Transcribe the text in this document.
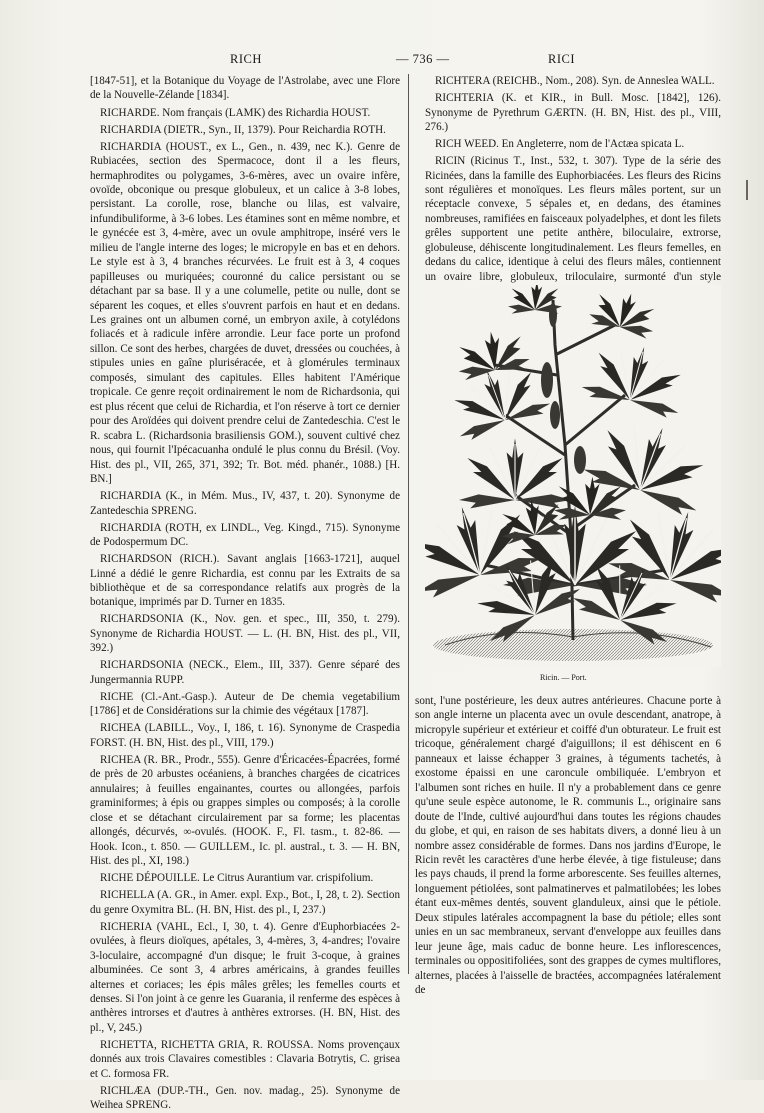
RICH	— 736 —	RICI

[1847-51], et la Botanique du Voyage de l'Astrolabe, avec une Flore de la Nouvelle-Zélande [1834].

RICHARDE. Nom français (LAMK) des Richardia HOUST.

RICHARDIA (DIETR., Syn., II, 1379). Pour Reichardia ROTH.

RICHARDIA (HOUST., ex L., Gen., n. 439, nec K.). Genre de Rubiacées, section des Spermacoce, dont il a les fleurs, hermaphrodites ou polygames, 3-6-mères, avec un ovaire infère, ovoïde, obconique ou presque globuleux, et un calice à 3-8 lobes, persistant. La corolle, rose, blanche ou lilas, est valvaire, infundibuliforme, à 3-6 lobes. Les étamines sont en même nombre, et le gynécée est 3, 4-mère, avec un ovule amphitrope, inséré vers le milieu de l'angle interne des loges; le micropyle en bas et en dehors. Le style est à 3, 4 branches récurvées. Le fruit est à 3, 4 coques papilleuses ou muriquées; couronné du calice persistant ou se détachant par sa base. Il y a une columelle, petite ou nulle, dont se séparent les coques, et elles s'ouvrent parfois en haut et en dedans. Les graines ont un albumen corné, un embryon axile, à cotylédons foliacés et à radicule infère arrondie. Leur face porte un profond sillon. Ce sont des herbes, chargées de duvet, dressées ou couchées, à stipules unies en gaîne pluriséracée, et à glomérules terminaux composés, simulant des capitules. Elles habitent l'Amérique tropicale. Ce genre reçoit ordinairement le nom de Richardsonia, qui est plus récent que celui de Richardia, et l'on réserve à tort ce dernier pour des Aroïdées qui doivent prendre celui de Zantedeschia. C'est le R. scabra L. (Richardsonia brasiliensis GOM.), souvent cultivé chez nous, qui fournit l'Ipécacuanha ondulé le plus connu du Brésil. (Voy. Hist. des pl., VII, 265, 371, 392; Tr. Bot. méd. phanér., 1088.) [H. BN.]

RICHARDIA (K., in Mém. Mus., IV, 437, t. 20). Synonyme de Zantedeschia SPRENG.

RICHARDIA (ROTH, ex LINDL., Veg. Kingd., 715). Synonyme de Podospermum DC.

RICHARDSON (RICH.). Savant anglais [1663-1721], auquel Linné a dédié le genre Richardia, est connu par les Extraits de sa bibliothèque et de sa correspondance relatifs aux progrès de la botanique, imprimés par D. Turner en 1835.

RICHARDSONIA (K., Nov. gen. et spec., III, 350, t. 279). Synonyme de Richardia HOUST. — L. (H. BN, Hist. des pl., VII, 392.)

RICHARDSONIA (NECK., Elem., III, 337). Genre séparé des Jungermannia RUPP.

RICHE (Cl.-Ant.-Gasp.). Auteur de De chemia vegetabilium [1786] et de Considérations sur la chimie des végétaux [1787].

RICHEA (LABILL., Voy., I, 186, t. 16). Synonyme de Craspedia FORST. (H. BN, Hist. des pl., VIII, 179.)

RICHEA (R. BR., Prodr., 555). Genre d'Éricacées-Épacrées, formé de près de 20 arbustes océaniens, à branches chargées de cicatrices annulaires; à feuilles engainantes, courtes ou allongées, parfois graminiformes; à épis ou grappes simples ou composés; à la corolle close et se détachant circulairement par sa forme; les placentas allongés, décurvés, ∞-ovulés. (HOOK. F., Fl. tasm., t. 82-86. — Hook. Icon., t. 850. — GUILLEM., Ic. pl. austral., t. 3. — H. BN, Hist. des pl., XI, 198.)

RICHE DÉPOUILLE. Le Citrus Aurantium var. crispifolium.

RICHELLA (A. GR., in Amer. expl. Exp., Bot., I, 28, t. 2). Section du genre Oxymitra BL. (H. BN, Hist. des pl., I, 237.)

RICHERIA (VAHL, Ecl., I, 30, t. 4). Genre d'Euphorbiacées 2-ovulées, à fleurs dioïques, apétales, 3, 4-mères, 3, 4-andres; l'ovaire 3-loculaire, accompagné d'un disque; le fruit 3-coque, à graines albuminées. Ce sont 3, 4 arbres américains, à grandes feuilles alternes et coriaces; les épis mâles grêles; les femelles courts et denses. Si l'on joint à ce genre les Guarania, il renferme des espèces à anthères introrses et d'autres à anthères extrorses. (H. BN, Hist. des pl., V, 245.)

RICHETTA, RICHETTA GRIA, R. ROUSSA. Noms provençaux donnés aux trois Clavaires comestibles : Clavaria Botrytis, C. grisea et C. formosa FR.

RICHLÆA (DUP.-TH., Gen. nov. madag., 25). Synonyme de Weihea SPRENG.

RICHTERA (REICHB., Nom., 208). Syn. de Anneslea WALL.

RICHTERIA (K. et KIR., in Bull. Mosc. [1842], 126). Synonyme de Pyrethrum GÆRTN. (H. BN, Hist. des pl., VIII, 276.)

RICH WEED. En Angleterre, nom de l'Actæa spicata L.

RICIN (Ricinus T., Inst., 532, t. 307). Type de la série des Ricinées, dans la famille des Euphorbiacées. Les fleurs des Ricins sont régulières et monoïques. Les fleurs mâles portent, sur un réceptacle convexe, 5 sépales et, en dedans, des étamines nombreuses, ramifiées en faisceaux polyadelphes, et dont les filets grêles supportent une petite anthère, biloculaire, extrorse, globuleuse, déhiscente longitudinalement. Les fleurs femelles, en dedans du calice, identique à celui des fleurs mâles, contiennent un ovaire libre, globuleux, triloculaire, surmonté d'un style

Ricin. — Port.

sont, l'une postérieure, les deux autres antérieures. Chacune porte à son angle interne un placenta avec un ovule descendant, anatrope, à micropyle supérieur et extérieur et coiffé d'un obturateur. Le fruit est tricoque, généralement chargé d'aiguillons; il est déhiscent en 6 panneaux et laisse échapper 3 graines, à téguments tachetés, à exostome épaissi en une caroncule ombiliquée. L'embryon et l'albumen sont riches en huile. Il n'y a probablement dans ce genre qu'une seule espèce autonome, le R. communis L., originaire sans doute de l'Inde, cultivé aujourd'hui dans toutes les régions chaudes du globe, et qui, en raison de ses habitats divers, a donné lieu à un nombre assez considérable de formes. Dans nos jardins d'Europe, le Ricin revêt les caractères d'une herbe élevée, à tige fistuleuse; dans les pays chauds, il prend la forme arborescente. Ses feuilles alternes, longuement pétiolées, sont palmatinerves et palmatilobées; les lobes étant eux-mêmes dentés, souvent glanduleux, ainsi que le pétiole. Deux stipules latérales accompagnent la base du pétiole; elles sont unies en un sac membraneux, servant d'enveloppe aux feuilles dans leur jeune âge, mais caduc de bonne heure. Les inflorescences, terminales ou oppositifoliées, sont des grappes de cymes multiflores, alternes, placées à l'aisselle de bractées, accompagnées latéralement de
